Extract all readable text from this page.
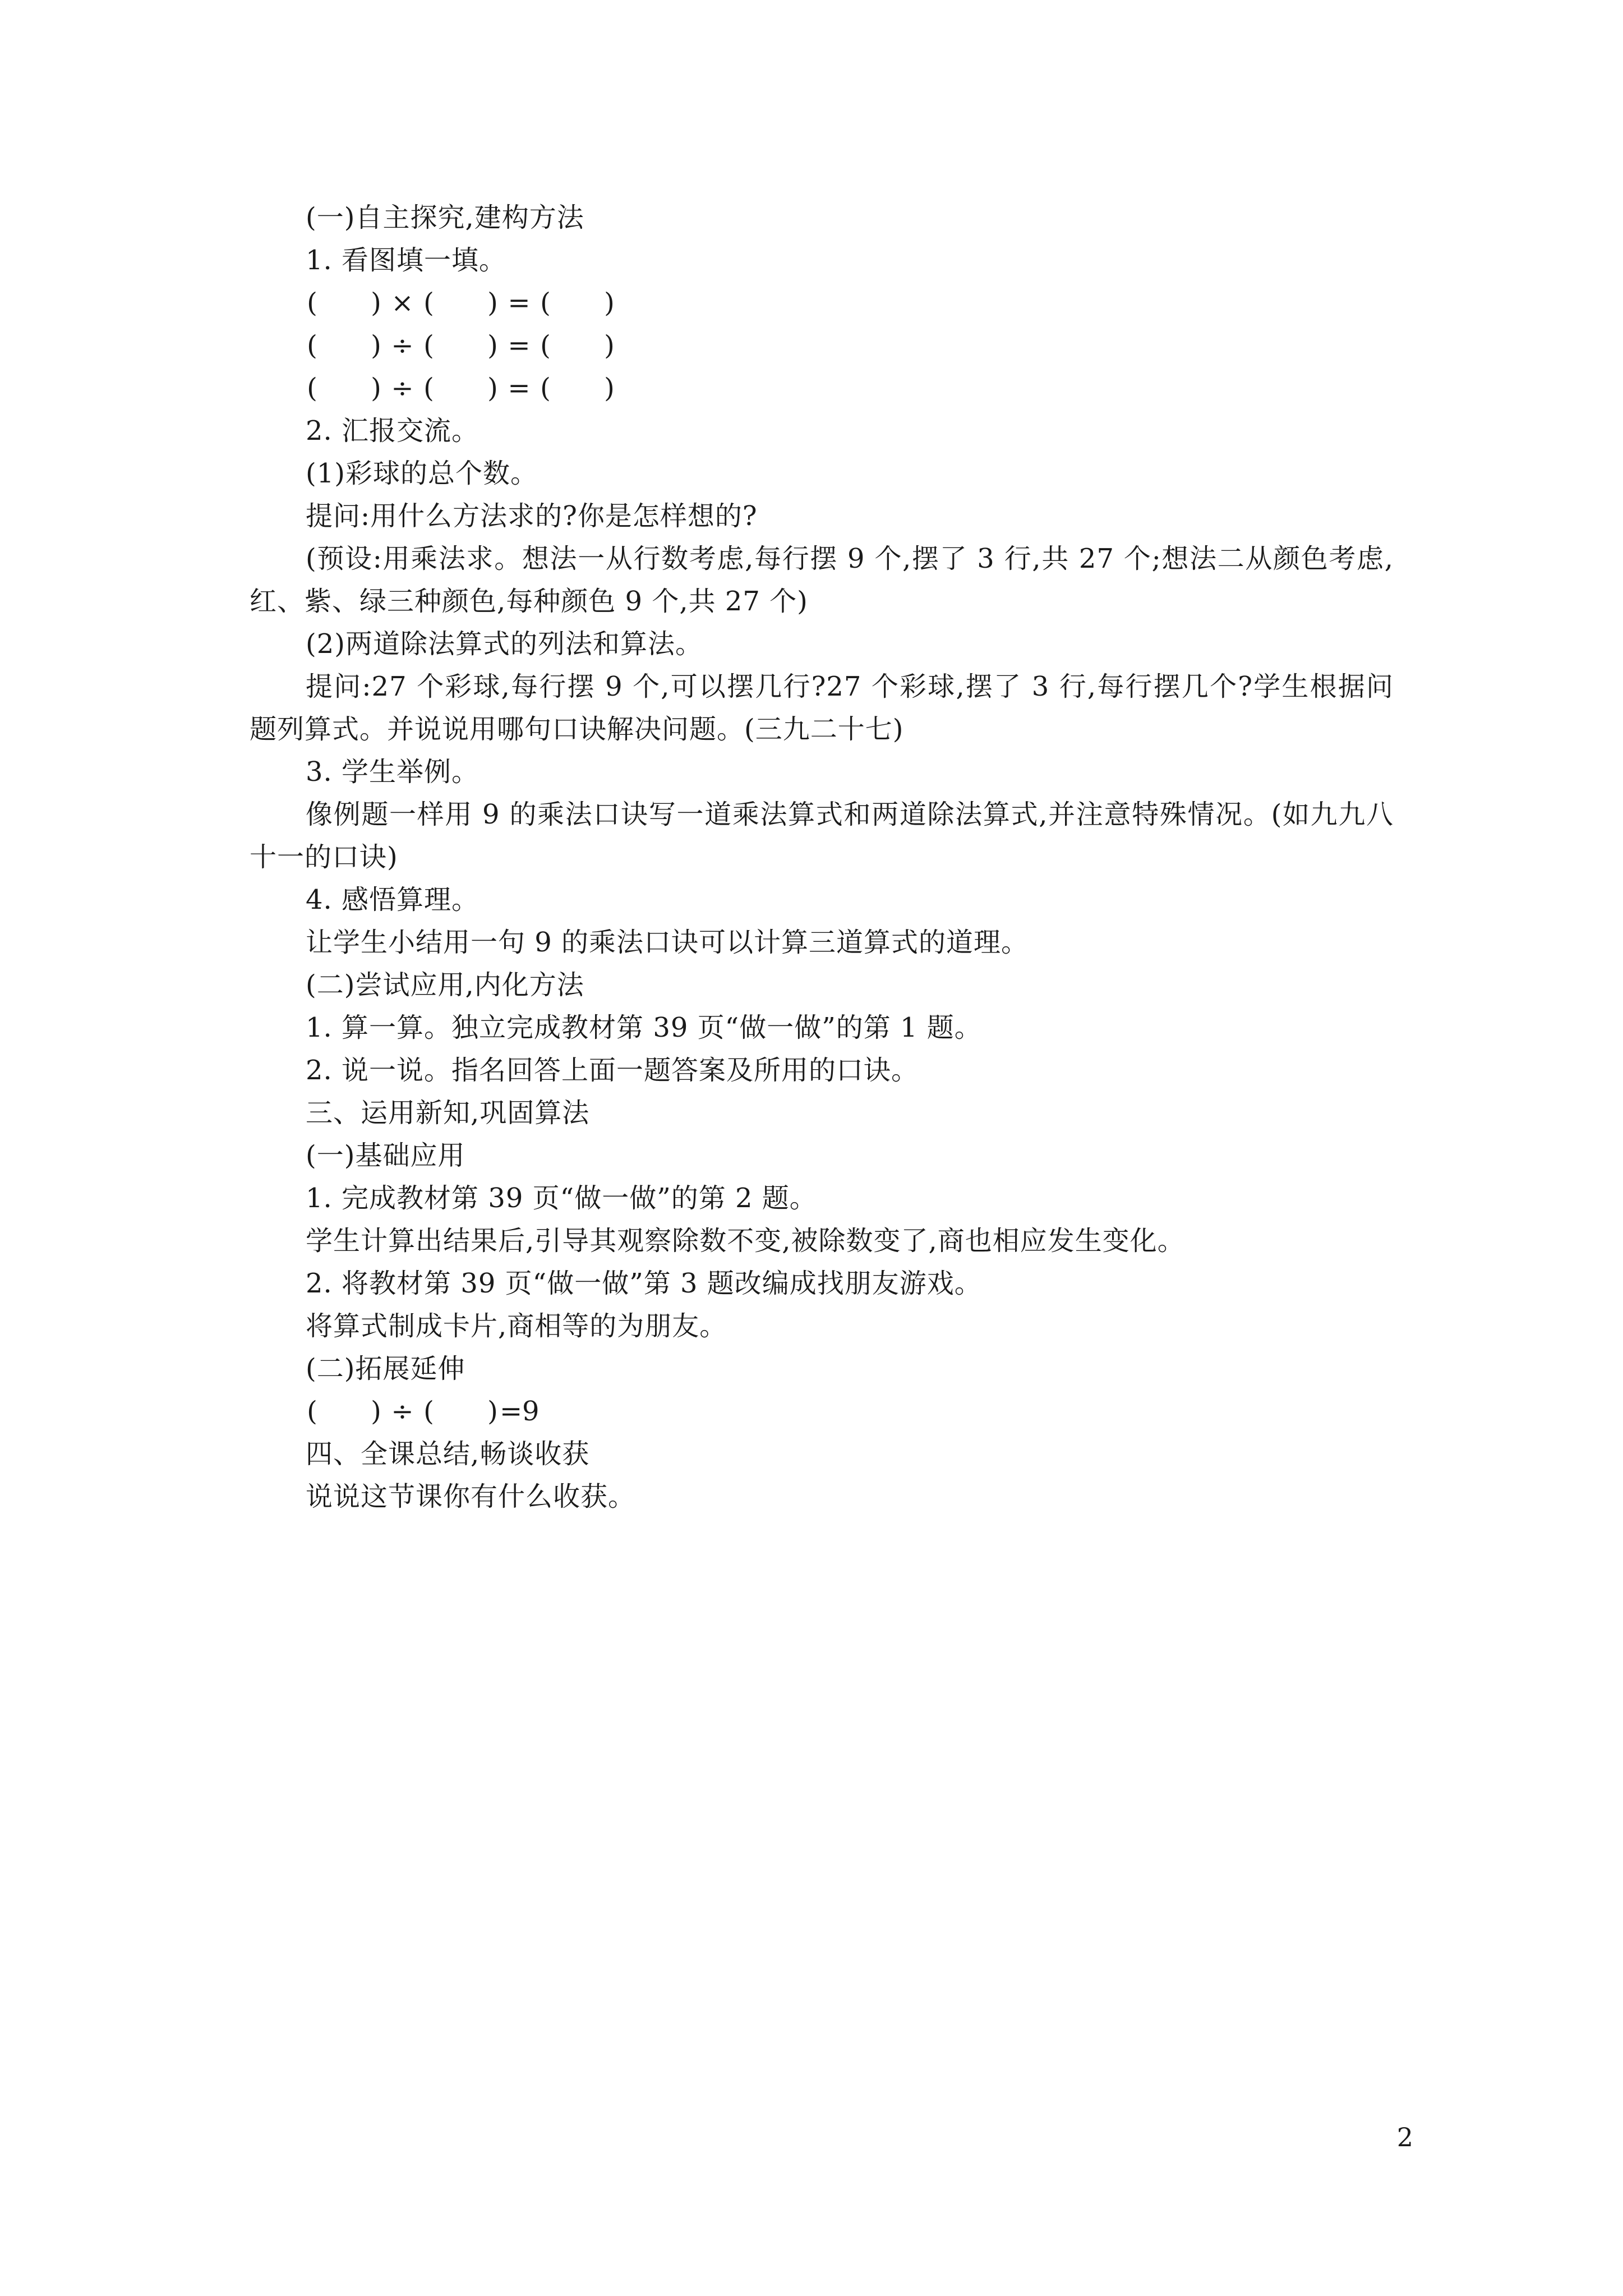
(一)自主探究,建构方法
1. 看图填一填。
( ) × ( ) = ( )
( ) ÷ ( ) = ( )
( ) ÷ ( ) = ( )
2. 汇报交流。
(1)彩球的总个数。
提问:用什么方法求的?你是怎样想的?
(预设:用乘法求。想法一从行数考虑,每行摆 9 个,摆了 3 行,共 27 个;想法二从颜色考虑,红、紫、绿三种颜色,每种颜色 9 个,共 27 个)
(2)两道除法算式的列法和算法。
提问:27 个彩球,每行摆 9 个,可以摆几行?27 个彩球,摆了 3 行,每行摆几个?学生根据问题列算式。并说说用哪句口诀解决问题。(三九二十七)
3. 学生举例。
像例题一样用 9 的乘法口诀写一道乘法算式和两道除法算式,并注意特殊情况。(如九九八十一的口诀)
4. 感悟算理。
让学生小结用一句 9 的乘法口诀可以计算三道算式的道理。
(二)尝试应用,内化方法
1. 算一算。独立完成教材第 39 页“做一做”的第 1 题。
2. 说一说。指名回答上面一题答案及所用的口诀。
三、运用新知,巩固算法
(一)基础应用
1. 完成教材第 39 页“做一做”的第 2 题。
学生计算出结果后,引导其观察除数不变,被除数变了,商也相应发生变化。
2. 将教材第 39 页“做一做”第 3 题改编成找朋友游戏。
将算式制成卡片,商相等的为朋友。
(二)拓展延伸
( ) ÷ ( ) =
9
四、全课总结,畅谈收获
说说这节课你有什么收获。
2
